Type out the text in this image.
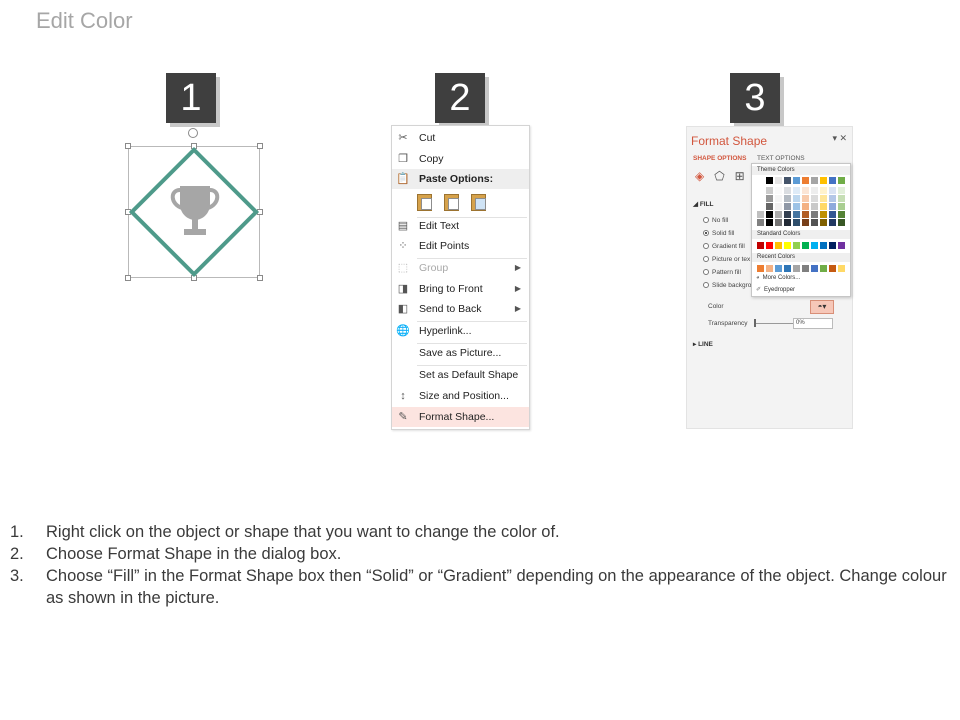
Edit Color
1	2	3
✂ Cut
❐ Copy
📋 Paste Options:

▤ Edit Text
⁘ Edit Points
⬚ Group	▶
◨ Bring to Front	▶
◧ Send to Back	▶
🌐 Hyperlink...
Save as Picture...
Set as Default Shape
↕	Size and Position...
✎ Format Shape...
Format Shape	▾ ✕
SHAPE OPTIONS TEXT OPTIONS
◈ ⬠ ⊞
◢ FILL
No fill
Solid fill
Gradient fill
Picture or tex
Pattern fill
Slide backgro
Color	◓▾
Transparency	0%
▸ LINE
Theme Colors
Standard Colors
Recent Colors
◕ More Colors...
✐ Eyedropper
1. Right click on the object or shape that you want to change the color of.
2. Choose Format Shape in the dialog box.
3. Choose “Fill” in the Format Shape box then “Solid” or “Gradient” depending on the appearance of the object. Change colour as shown in the picture.
